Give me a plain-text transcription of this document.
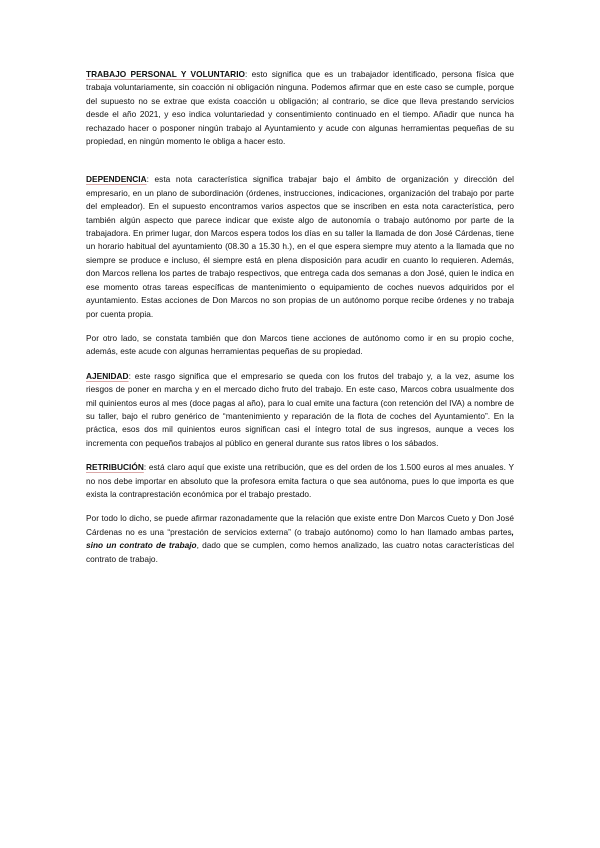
TRABAJO PERSONAL Y VOLUNTARIO: esto significa que es un trabajador identificado, persona física que trabaja voluntariamente, sin coacción ni obligación ninguna. Podemos afirmar que en este caso se cumple, porque del supuesto no se extrae que exista coacción u obligación; al contrario, se dice que lleva prestando servicios desde el año 2021, y eso indica voluntariedad y consentimiento continuado en el tiempo. Añadir que nunca ha rechazado hacer o posponer ningún trabajo al Ayuntamiento y acude con algunas herramientas pequeñas de su propiedad, en ningún momento le obliga a hacer esto.

DEPENDENCIA: esta nota característica significa trabajar bajo el ámbito de organización y dirección del empresario, en un plano de subordinación (órdenes, instrucciones, indicaciones, organización del trabajo por parte del empleador). En el supuesto encontramos varios aspectos que se inscriben en esta nota característica, pero también algún aspecto que parece indicar que existe algo de autonomía o trabajo autónomo por parte de la trabajadora. En primer lugar, don Marcos espera todos los días en su taller la llamada de don José Cárdenas, tiene un horario habitual del ayuntamiento (08.30 a 15.30 h.), en el que espera siempre muy atento a la llamada que no siempre se produce e incluso, él siempre está en plena disposición para acudir en cuanto lo requieren. Además, don Marcos rellena los partes de trabajo respectivos, que entrega cada dos semanas a don José, quien le indica en ese momento otras tareas específicas de mantenimiento o equipamiento de coches nuevos adquiridos por el ayuntamiento. Estas acciones de Don Marcos no son propias de un autónomo porque recibe órdenes y no trabaja por cuenta propia.

Por otro lado, se constata también que don Marcos tiene acciones de autónomo como ir en su propio coche, además, este acude con algunas herramientas pequeñas de su propiedad.

AJENIDAD: este rasgo significa que el empresario se queda con los frutos del trabajo y, a la vez, asume los riesgos de poner en marcha y en el mercado dicho fruto del trabajo. En este caso, Marcos cobra usualmente dos mil quinientos euros al mes (doce pagas al año), para lo cual emite una factura (con retención del IVA) a nombre de su taller, bajo el rubro genérico de “mantenimiento y reparación de la flota de coches del Ayuntamiento”. En la práctica, esos dos mil quinientos euros significan casi el íntegro total de sus ingresos, aunque a veces los incrementa con pequeños trabajos al público en general durante sus ratos libres o los sábados.

RETRIBUCIÓN: está claro aquí que existe una retribución, que es del orden de los 1.500 euros al mes anuales. Y no nos debe importar en absoluto que la profesora emita factura o que sea autónoma, pues lo que importa es que exista la contraprestación económica por el trabajo prestado.

Por todo lo dicho, se puede afirmar razonadamente que la relación que existe entre Don Marcos Cueto y Don José Cárdenas no es una “prestación de servicios externa” (o trabajo autónomo) como lo han llamado ambas partes, sino un contrato de trabajo, dado que se cumplen, como hemos analizado, las cuatro notas características del contrato de trabajo.
